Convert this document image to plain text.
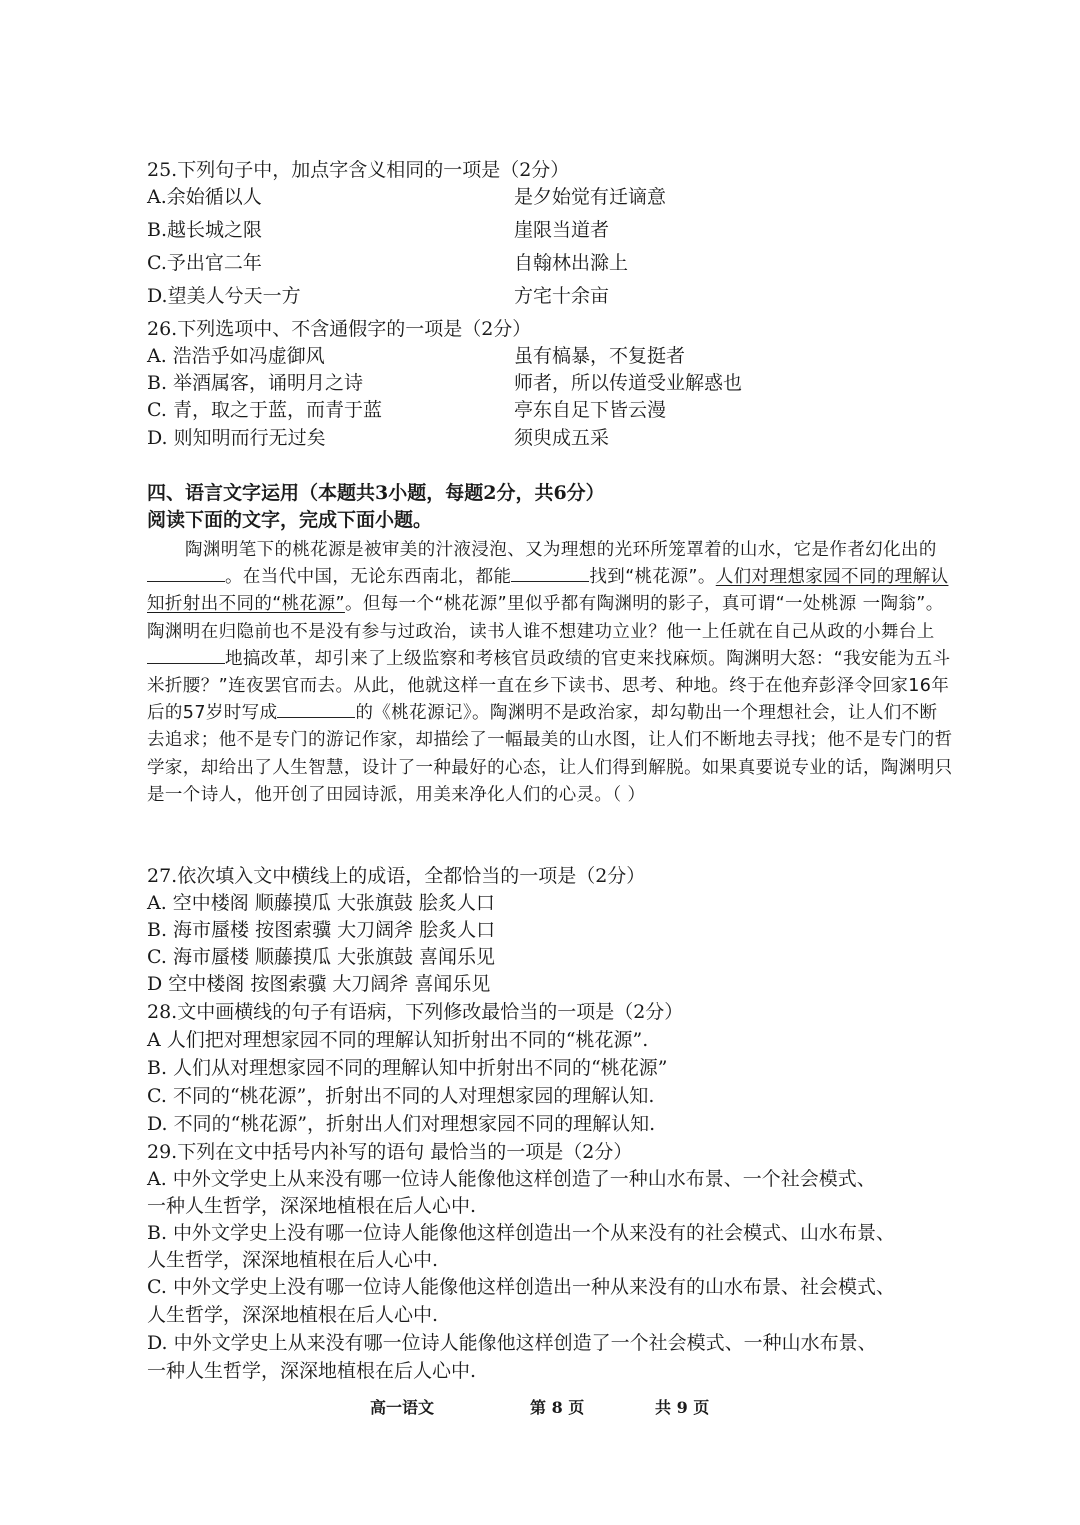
25.下列句子中，加点字含义相同的一项是（2分）
A.余始循以人	是夕始觉有迁谪意
B.越长城之限	崖限当道者
C.予出官二年	自翰林出滁上
D.望美人兮天一方	方宅十余亩
26.下列选项中、不含通假字的一项是（2分）
A. 浩浩乎如冯虚御风	虽有槁暴，不复挺者
B. 举酒属客，诵明月之诗	师者，所以传道受业解惑也
C. 青，取之于蓝，而青于蓝	亭东自足下皆云漫
D. 则知明而行无过矣	须臾成五采
四、语言文字运用（本题共3小题，每题2分，共6分）
阅读下面的文字，完成下面小题。
陶渊明笔下的桃花源是被审美的汁液浸泡、又为理想的光环所笼罩着的山水，它是作者幻化出的。在当代中国，无论东西南北，都能	找到“桃花源”。人们对理想家园不同的理解认知折射出不同的“桃花源”。但每一个“桃花源”里似乎都有陶渊明的影子，真可谓“一处桃源 一陶翁”。陶渊明在归隐前也不是没有参与过政治，读书人谁不想建功立业？他一上任就在自己从政的小舞台上地搞改革，却引来了上级监察和考核官员政绩的官吏来找麻烦。陶渊明大怒：“我安能为五斗米折腰？”连夜罢官而去。从此，他就这样一直在乡下读书、思考、种地。终于在他弃彭泽令回家16年后的57岁时写成	的《桃花源记》。陶渊明不是政治家，却勾勒出一个理想社会，让人们不断去追求；他不是专门的游记作家，却描绘了一幅最美的山水图，让人们不断地去寻找；他不是专门的哲学家，却给出了人生智慧，设计了一种最好的心态，让人们得到解脱。如果真要说专业的话，陶渊明只是一个诗人，他开创了田园诗派，用美来净化人们的心灵。（ ）
27.依次填入文中横线上的成语，全都恰当的一项是（2分）
A. 空中楼阁 顺藤摸瓜 大张旗鼓 脍炙人口
B. 海市蜃楼 按图索骥 大刀阔斧 脍炙人口
C. 海市蜃楼 顺藤摸瓜 大张旗鼓 喜闻乐见
D 空中楼阁 按图索骥 大刀阔斧 喜闻乐见
28.文中画横线的句子有语病，下列修改最恰当的一项是（2分）
A 人们把对理想家园不同的理解认知折射出不同的“桃花源”.
B. 人们从对理想家园不同的理解认知中折射出不同的“桃花源”
C. 不同的“桃花源”，折射出不同的人对理想家园的理解认知.
D. 不同的“桃花源”，折射出人们对理想家园不同的理解认知.
29.下列在文中括号内补写的语句 最恰当的一项是（2分）
A. 中外文学史上从来没有哪一位诗人能像他这样创造了一种山水布景、一个社会模式、
一种人生哲学，深深地植根在后人心中.
B. 中外文学史上没有哪一位诗人能像他这样创造出一个从来没有的社会模式、山水布景、
人生哲学，深深地植根在后人心中.
C. 中外文学史上没有哪一位诗人能像他这样创造出一种从来没有的山水布景、社会模式、
人生哲学，深深地植根在后人心中.
D. 中外文学史上从来没有哪一位诗人能像他这样创造了一个社会模式、一种山水布景、
一种人生哲学，深深地植根在后人心中.
高一语文	第 8 页	共 9 页
